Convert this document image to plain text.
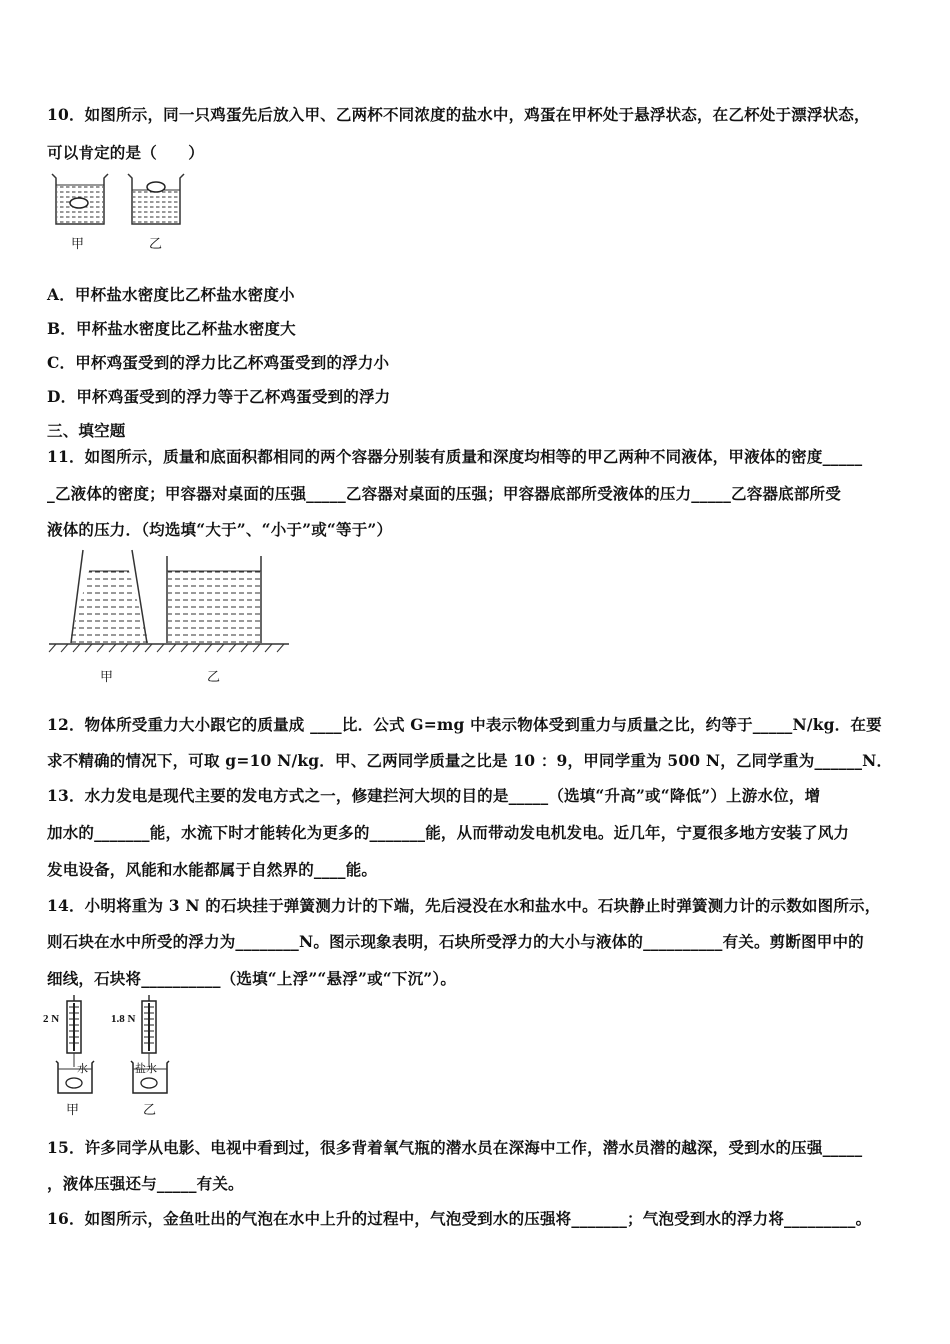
10．如图所示，同一只鸡蛋先后放入甲、乙两杯不同浓度的盐水中，鸡蛋在甲杯处于悬浮状态，在乙杯处于漂浮状态，
可以肯定的是（　　）
甲	乙
A．甲杯盐水密度比乙杯盐水密度小
B．甲杯盐水密度比乙杯盐水密度大
C．甲杯鸡蛋受到的浮力比乙杯鸡蛋受到的浮力小
D．甲杯鸡蛋受到的浮力等于乙杯鸡蛋受到的浮力
三、填空题
11．如图所示，质量和底面积都相同的两个容器分别装有质量和深度均相等的甲乙两种不同液体，甲液体的密度_____
_乙液体的密度；甲容器对桌面的压强_____乙容器对桌面的压强；甲容器底部所受液体的压力_____乙容器底部所受
液体的压力．（均选填“大于”、“小于”或“等于”）
甲	乙
12．物体所受重力大小跟它的质量成 ____比．公式 G=mg 中表示物体受到重力与质量之比，约等于_____N/kg．在要
求不精确的情况下，可取 g=10 N/kg．甲、乙两同学质量之比是 10 ：9，甲同学重为 500 N，乙同学重为______N．
13．水力发电是现代主要的发电方式之一，修建拦河大坝的目的是_____（选填“升高”或“降低”）上游水位，增
加水的_______能，水流下时才能转化为更多的_______能，从而带动发电机发电。近几年，宁夏很多地方安装了风力
发电设备，风能和水能都属于自然界的____能。
14．小明将重为 3 N 的石块挂于弹簧测力计的下端，先后浸没在水和盐水中。石块静止时弹簧测力计的示数如图所示，
则石块在水中所受的浮力为________N。图示现象表明，石块所受浮力的大小与液体的__________有关。剪断图甲中的
细线，石块将__________（选填“上浮”“悬浮”或“下沉”）。
2 N	1.8 N
水	盐水
甲	乙
15．许多同学从电影、电视中看到过，很多背着氧气瓶的潜水员在深海中工作，潜水员潜的越深，受到水的压强_____
，液体压强还与_____有关。
16．如图所示，金鱼吐出的气泡在水中上升的过程中，气泡受到水的压强将_______；气泡受到水的浮力将_________。
